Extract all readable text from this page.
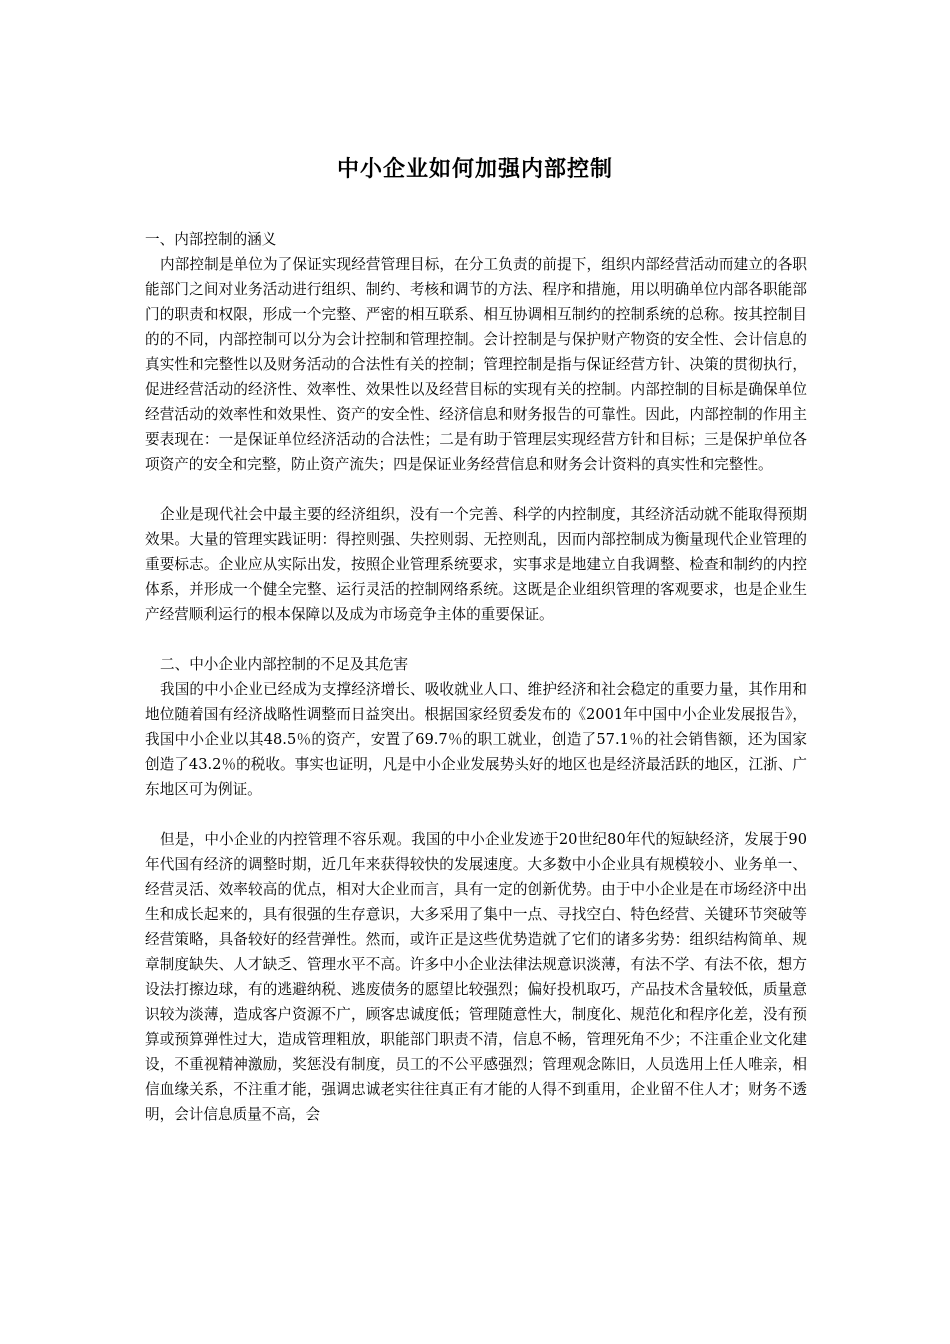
中小企业如何加强内部控制

一、内部控制的涵义

内部控制是单位为了保证实现经营管理目标，在分工负责的前提下，组织内部经营活动而建立的各职能部门之间对业务活动进行组织、制约、考核和调节的方法、程序和措施，用以明确单位内部各职能部门的职责和权限，形成一个完整、严密的相互联系、相互协调相互制约的控制系统的总称。按其控制目的的不同，内部控制可以分为会计控制和管理控制。会计控制是与保护财产物资的安全性、会计信息的真实性和完整性以及财务活动的合法性有关的控制；管理控制是指与保证经营方针、决策的贯彻执行，促进经营活动的经济性、效率性、效果性以及经营目标的实现有关的控制。内部控制的目标是确保单位经营活动的效率性和效果性、资产的安全性、经济信息和财务报告的可靠性。因此，内部控制的作用主要表现在：一是保证单位经济活动的合法性；二是有助于管理层实现经营方针和目标；三是保护单位各项资产的安全和完整，防止资产流失；四是保证业务经营信息和财务会计资料的真实性和完整性。

企业是现代社会中最主要的经济组织，没有一个完善、科学的内控制度，其经济活动就不能取得预期效果。大量的管理实践证明：得控则强、失控则弱、无控则乱，因而内部控制成为衡量现代企业管理的重要标志。企业应从实际出发，按照企业管理系统要求，实事求是地建立自我调整、检查和制约的内控体系，并形成一个健全完整、运行灵活的控制网络系统。这既是企业组织管理的客观要求，也是企业生产经营顺利运行的根本保障以及成为市场竞争主体的重要保证。

二、中小企业内部控制的不足及其危害

我国的中小企业已经成为支撑经济增长、吸收就业人口、维护经济和社会稳定的重要力量，其作用和地位随着国有经济战略性调整而日益突出。根据国家经贸委发布的《2001年中国中小企业发展报告》，我国中小企业以其48.5％的资产，安置了69.7％的职工就业，创造了57.1％的社会销售额，还为国家创造了43.2％的税收。事实也证明，凡是中小企业发展势头好的地区也是经济最活跃的地区，江浙、广东地区可为例证。

但是，中小企业的内控管理不容乐观。我国的中小企业发迹于20世纪80年代的短缺经济，发展于90年代国有经济的调整时期，近几年来获得较快的发展速度。大多数中小企业具有规模较小、业务单一、经营灵活、效率较高的优点，相对大企业而言，具有一定的创新优势。由于中小企业是在市场经济中出生和成长起来的，具有很强的生存意识，大多采用了集中一点、寻找空白、特色经营、关键环节突破等经营策略，具备较好的经营弹性。然而，或许正是这些优势造就了它们的诸多劣势：组织结构简单、规章制度缺失、人才缺乏、管理水平不高。许多中小企业法律法规意识淡薄，有法不学、有法不依，想方设法打擦边球，有的逃避纳税、逃废债务的愿望比较强烈；偏好投机取巧，产品技术含量较低，质量意识较为淡薄，造成客户资源不广，顾客忠诚度低；管理随意性大，制度化、规范化和程序化差，没有预算或预算弹性过大，造成管理粗放，职能部门职责不清，信息不畅，管理死角不少；不注重企业文化建设，不重视精神激励，奖惩没有制度，员工的不公平感强烈；管理观念陈旧，人员选用上任人唯亲，相信血缘关系，不注重才能，强调忠诚老实往往真正有才能的人得不到重用，企业留不住人才；财务不透明，会计信息质量不高，会
